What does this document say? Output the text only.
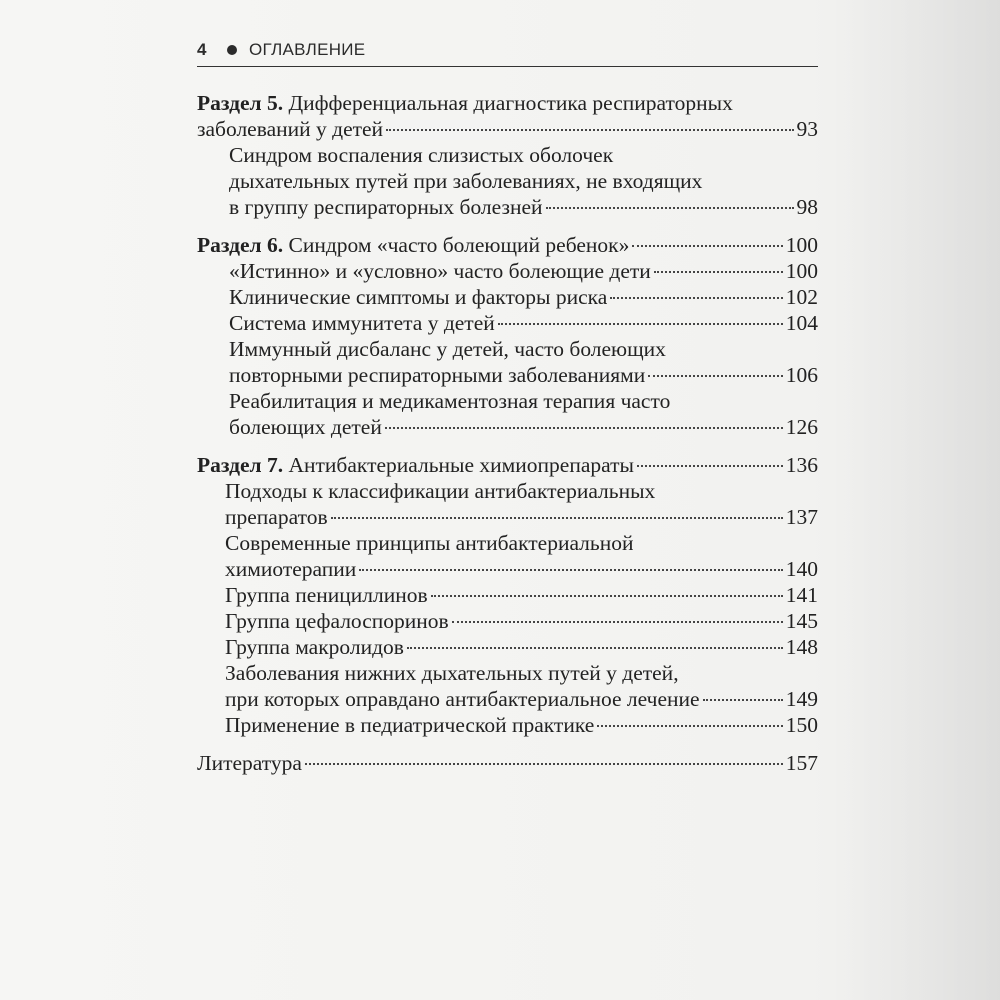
4 ОГЛАВЛЕНИЕ
Раздел 5. Дифференциальная диагностика респираторных
заболеваний у детей	93
Синдром воспаления слизистых оболочек
дыхательных путей при заболеваниях, не входящих
в группу респираторных болезней	98
Раздел 6. Синдром «часто болеющий ребенок»	100
«Истинно» и «условно» часто болеющие дети	100
Клинические симптомы и факторы риска	102
Система иммунитета у детей	104
Иммунный дисбаланс у детей, часто болеющих
повторными респираторными заболеваниями	106
Реабилитация и медикаментозная терапия часто
болеющих детей	126
Раздел 7. Антибактериальные химиопрепараты	136
Подходы к классификации антибактериальных
препаратов	137
Современные принципы антибактериальной
химиотерапии	140
Группа пенициллинов	141
Группа цефалоспоринов	145
Группа макролидов	148
Заболевания нижних дыхательных путей у детей,
при которых оправдано антибактериальное лечение	149
Применение в педиатрической практике	150
Литература	157
